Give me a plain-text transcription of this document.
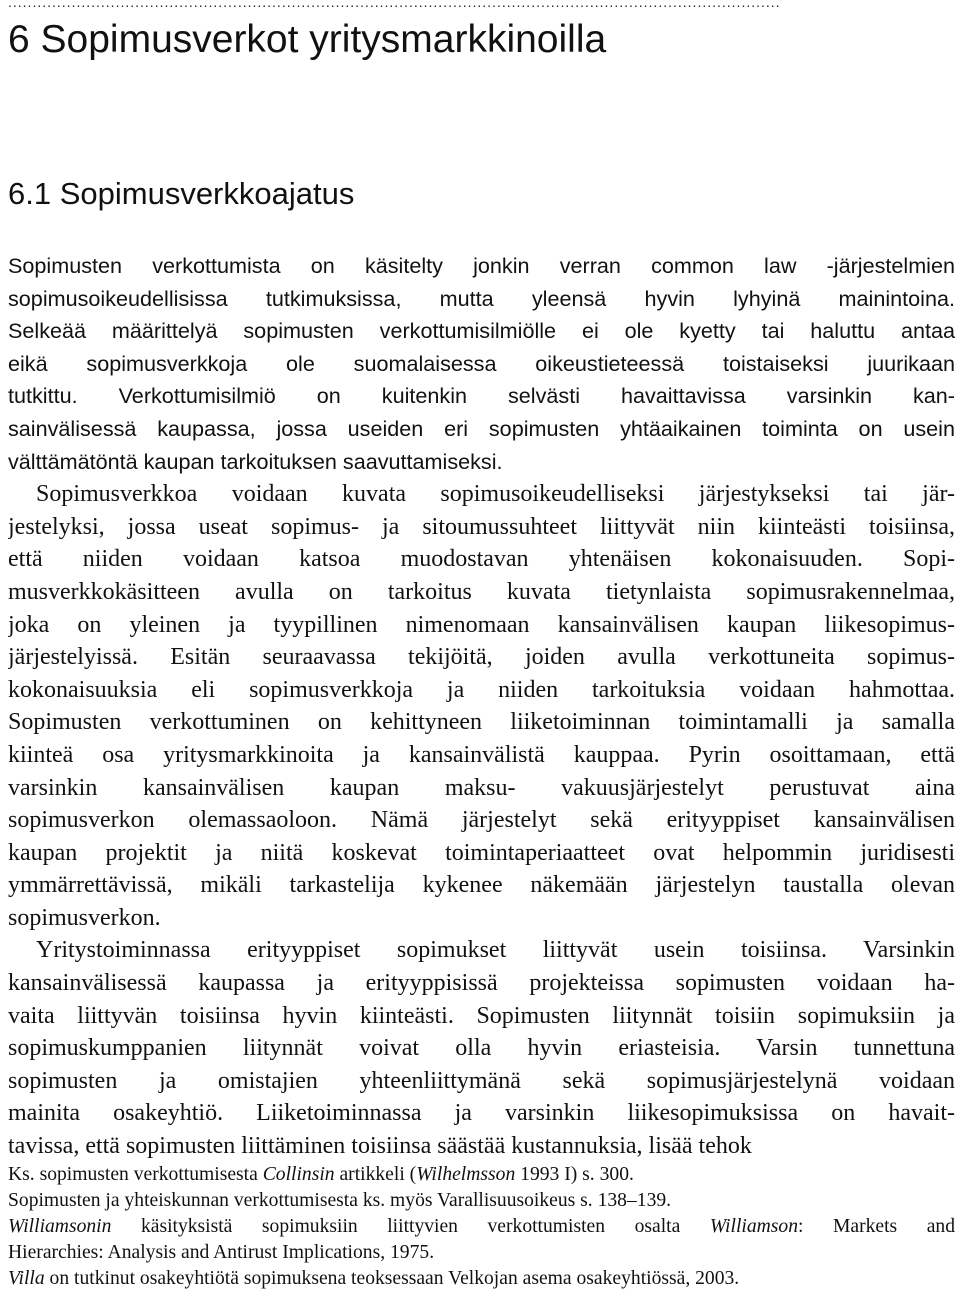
..............................................................................................................................................................
6 Sopimusverkot yritysmarkkinoilla
6.1 Sopimusverkkoajatus
Sopimusten verkottumista on käsitelty jonkin verran common law -järjestelmien
sopimusoikeudellisissa tutkimuksissa, mutta yleensä hyvin lyhyinä mainintoina.
Selkeää määrittelyä sopimusten verkottumisilmiölle ei ole kyetty tai haluttu antaa
eikä sopimusverkkoja ole suomalaisessa oikeustieteessä toistaiseksi juurikaan
tutkittu. Verkottumisilmiö on kuitenkin selvästi havaittavissa varsinkin kan-
sainvälisessä kaupassa, jossa useiden eri sopimusten yhtäaikainen toiminta on usein
välttämätöntä kaupan tarkoituksen saavuttamiseksi.
Sopimusverkkoa voidaan kuvata sopimusoikeudelliseksi järjestykseksi tai jär-
jestelyksi, jossa useat sopimus- ja sitoumussuhteet liittyvät niin kiinteästi toisiinsa,
että niiden voidaan katsoa muodostavan yhtenäisen kokonaisuuden. Sopi-
musverkkokäsitteen avulla on tarkoitus kuvata tietynlaista sopimusrakennelmaa,
joka on yleinen ja tyypillinen nimenomaan kansainvälisen kaupan liikesopimus-
järjestelyissä. Esitän seuraavassa tekijöitä, joiden avulla verkottuneita sopimus-
kokonaisuuksia eli sopimusverkkoja ja niiden tarkoituksia voidaan hahmottaa.
Sopimusten verkottuminen on kehittyneen liiketoiminnan toimintamalli ja samalla
kiinteä osa yritysmarkkinoita ja kansainvälistä kauppaa. Pyrin osoittamaan, että
varsinkin kansainvälisen kaupan maksu- vakuusjärjestelyt perustuvat aina
sopimusverkon olemassaoloon. Nämä järjestelyt sekä erityyppiset kansainvälisen
kaupan projektit ja niitä koskevat toimintaperiaatteet ovat helpommin juridisesti
ymmärrettävissä, mikäli tarkastelija kykenee näkemään järjestelyn taustalla olevan
sopimusverkon.
Yritystoiminnassa erityyppiset sopimukset liittyvät usein toisiinsa. Varsinkin
kansainvälisessä kaupassa ja erityyppisissä projekteissa sopimusten voidaan ha-
vaita liittyvän toisiinsa hyvin kiinteästi. Sopimusten liitynnät toisiin sopimuksiin ja
sopimuskumppanien liitynnät voivat olla hyvin eriasteisia. Varsin tunnettuna
sopimusten ja omistajien yhteenliittymänä sekä sopimusjärjestelynä voidaan
mainita osakeyhtiö. Liiketoiminnassa ja varsinkin liikesopimuksissa on havait-
tavissa, että sopimusten liittäminen toisiinsa säästää kustannuksia, lisää tehok
Ks. sopimusten verkottumisesta Collinsin artikkeli (Wilhelmsson 1993 I) s. 300.
Sopimusten ja yhteiskunnan verkottumisesta ks. myös Varallisuusoikeus s. 138–139.
Williamsonin käsityksistä sopimuksiin liittyvien verkottumisten osalta Williamson: Markets and
Hierarchies: Analysis and Antirust Implications, 1975.
Villa on tutkinut osakeyhtiötä sopimuksena teoksessaan Velkojan asema osakeyhtiössä, 2003.
